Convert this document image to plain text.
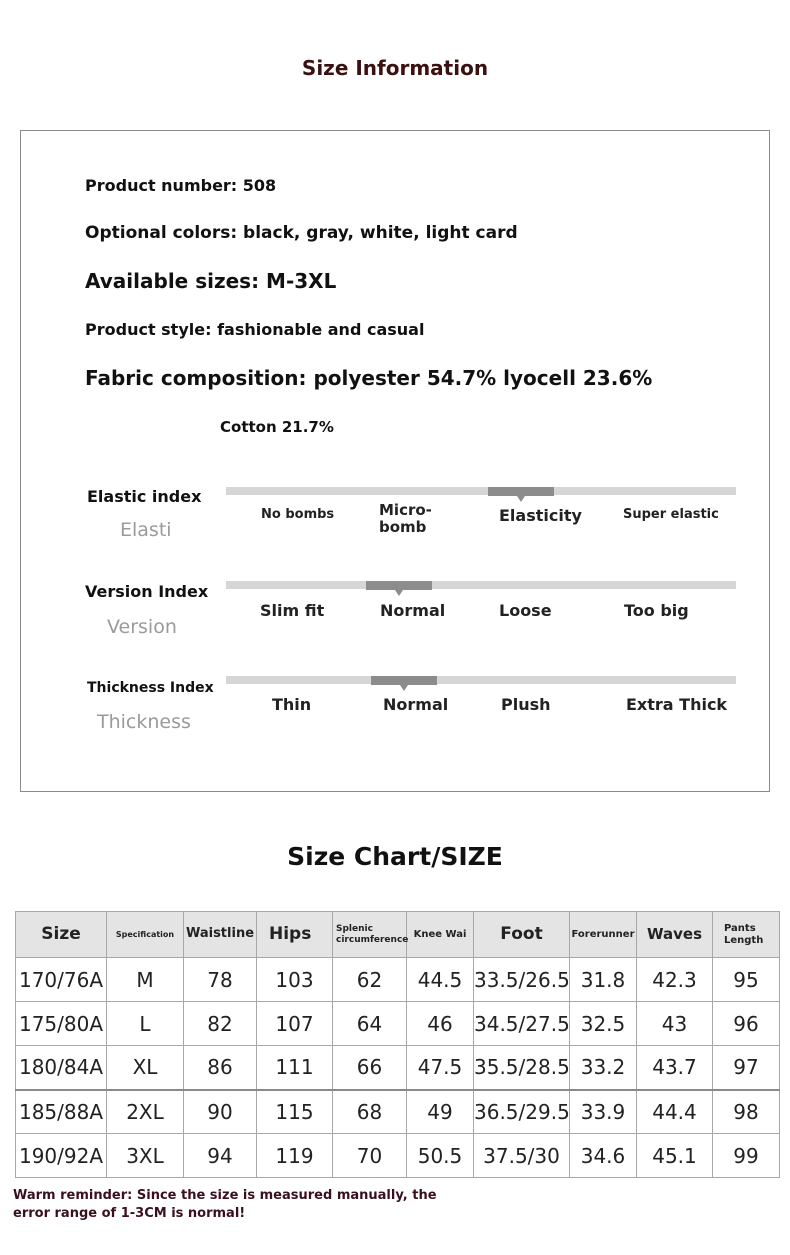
Size Information
Product number: 508
Optional colors: black, gray, white, light card
Available sizes: M-3XL
Product style: fashionable and casual
Fabric composition: polyester 54.7% lyocell 23.6%
Cotton 21.7%
Elastic index
Elasti
No bombs	Micro-
bomb
Elasticity	Super elastic
Version Index
Version
Slim fit	Normal	Loose	Too big
Thickness Index
Thickness
Thin	Normal	Plush	Extra Thick
Size Chart/SIZE
Size	Specification	Waistline	Hips	Splenic circumference	Knee Wai	Foot	Forerunner	Waves	Pants Length
170/76A	M	78	103	62	44.5	33.5/26.5	31.8	42.3	95
175/80A	L	82	107	64	46	34.5/27.5	32.5	43	96
180/84A	XL	86	111	66	47.5	35.5/28.5	33.2	43.7	97
185/88A	2XL	90	115	68	49	36.5/29.5	33.9	44.4	98
190/92A	3XL	94	119	70	50.5	37.5/30	34.6	45.1	99
Warm reminder: Since the size is measured manually, the error range of 1-3CM is normal!
